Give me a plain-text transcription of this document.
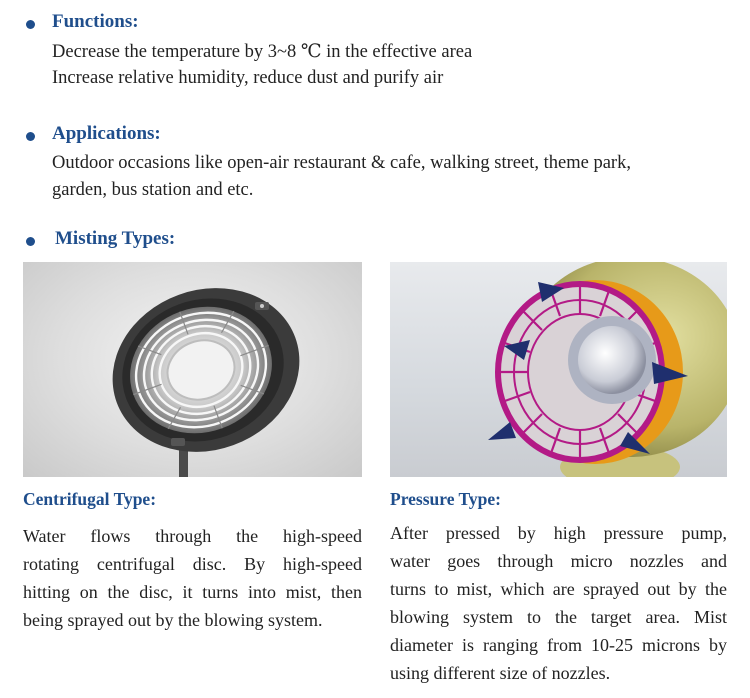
Functions:
Decrease the temperature by 3~8 ℃ in the effective area
Increase relative humidity, reduce dust and purify air
Applications:
Outdoor occasions like open-air restaurant & cafe, walking street, theme park,
garden, bus station and etc.
Misting Types:
Centrifugal Type:	Pressure Type:
Water flows through the high-speed
rotating centrifugal disc. By high-speed
hitting on the disc, it turns into mist, then
being sprayed out by the blowing system.
After pressed by high pressure pump,
water goes through micro nozzles and
turns to mist, which are sprayed out by the
blowing system to the target area. Mist
diameter is ranging from 10-25 microns by
using different size of nozzles.
